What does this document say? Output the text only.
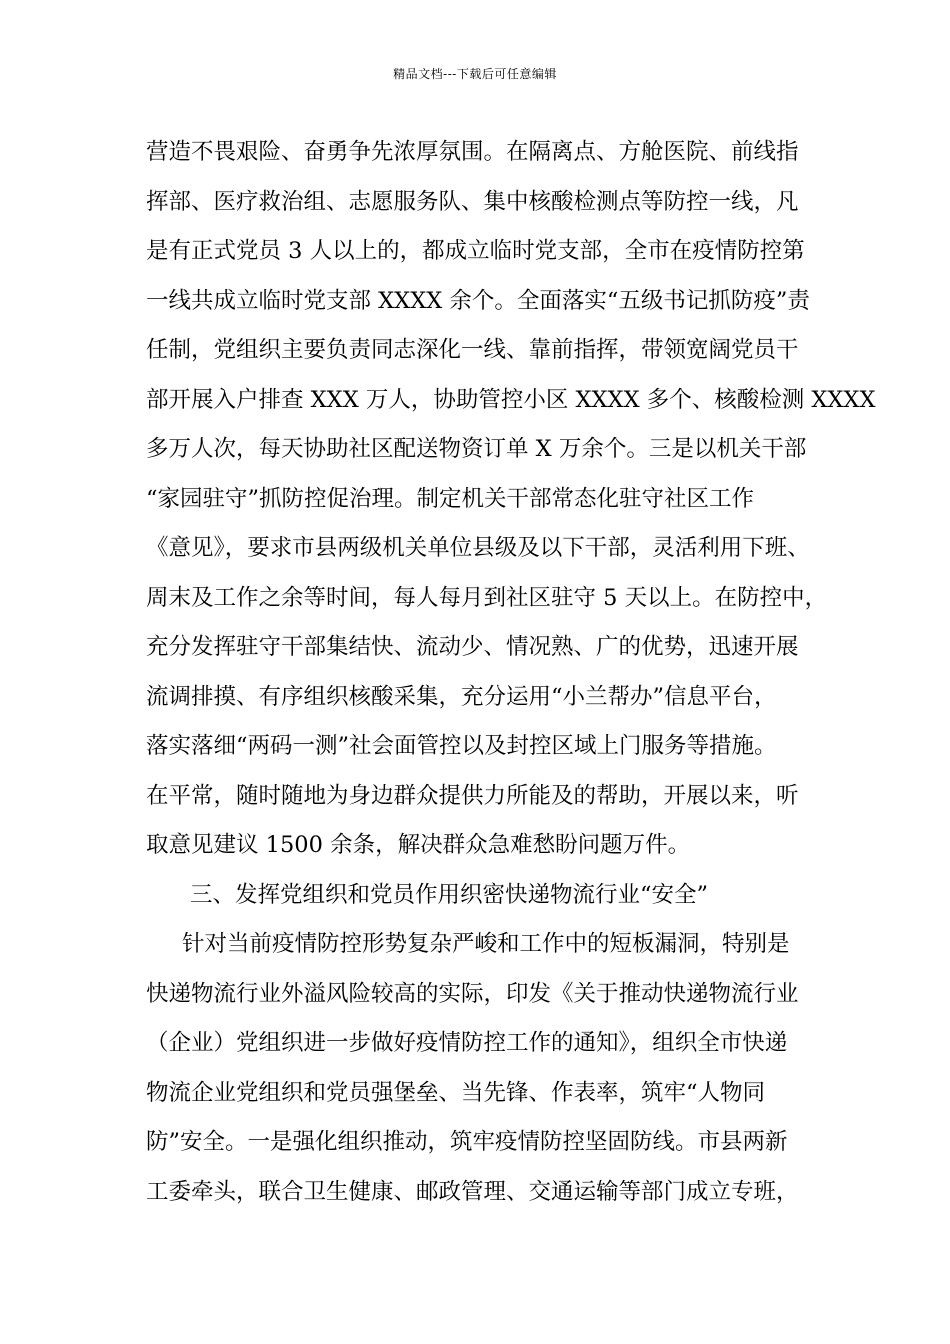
精品文档---下载后可任意编辑
营造不畏艰险、奋勇争先浓厚氛围。在隔离点、方舱医院、前线指
挥部、医疗救治组、志愿服务队、集中核酸检测点等防控一线，凡
是有正式党员 3 人以上的，都成立临时党支部，全市在疫情防控第
一线共成立临时党支部 XXXX 余个。全面落实“五级书记抓防疫”责
任制，党组织主要负责同志深化一线、靠前指挥，带领宽阔党员干
部开展入户排查 XXX 万人，协助管控小区 XXXX 多个、核酸检测 XXXX
多万人次，每天协助社区配送物资订单 X 万余个。三是以机关干部
“家园驻守”抓防控促治理。制定机关干部常态化驻守社区工作
《意见》，要求市县两级机关单位县级及以下干部，灵活利用下班、
周末及工作之余等时间，每人每月到社区驻守 5 天以上。在防控中，
充分发挥驻守干部集结快、流动少、情况熟、广的优势，迅速开展
流调排摸、有序组织核酸采集，充分运用“小兰帮办”信息平台，
落实落细“两码一测”社会面管控以及封控区域上门服务等措施。
在平常，随时随地为身边群众提供力所能及的帮助，开展以来，听
取意见建议 1500 余条，解决群众急难愁盼问题万件。
三、发挥党组织和党员作用织密快递物流行业“安全”
针对当前疫情防控形势复杂严峻和工作中的短板漏洞，特别是
快递物流行业外溢风险较高的实际，印发《关于推动快递物流行业
（企业）党组织进一步做好疫情防控工作的通知》，组织全市快递
物流企业党组织和党员强堡垒、当先锋、作表率，筑牢“人物同
防”安全。一是强化组织推动，筑牢疫情防控坚固防线。市县两新
工委牵头，联合卫生健康、邮政管理、交通运输等部门成立专班，
